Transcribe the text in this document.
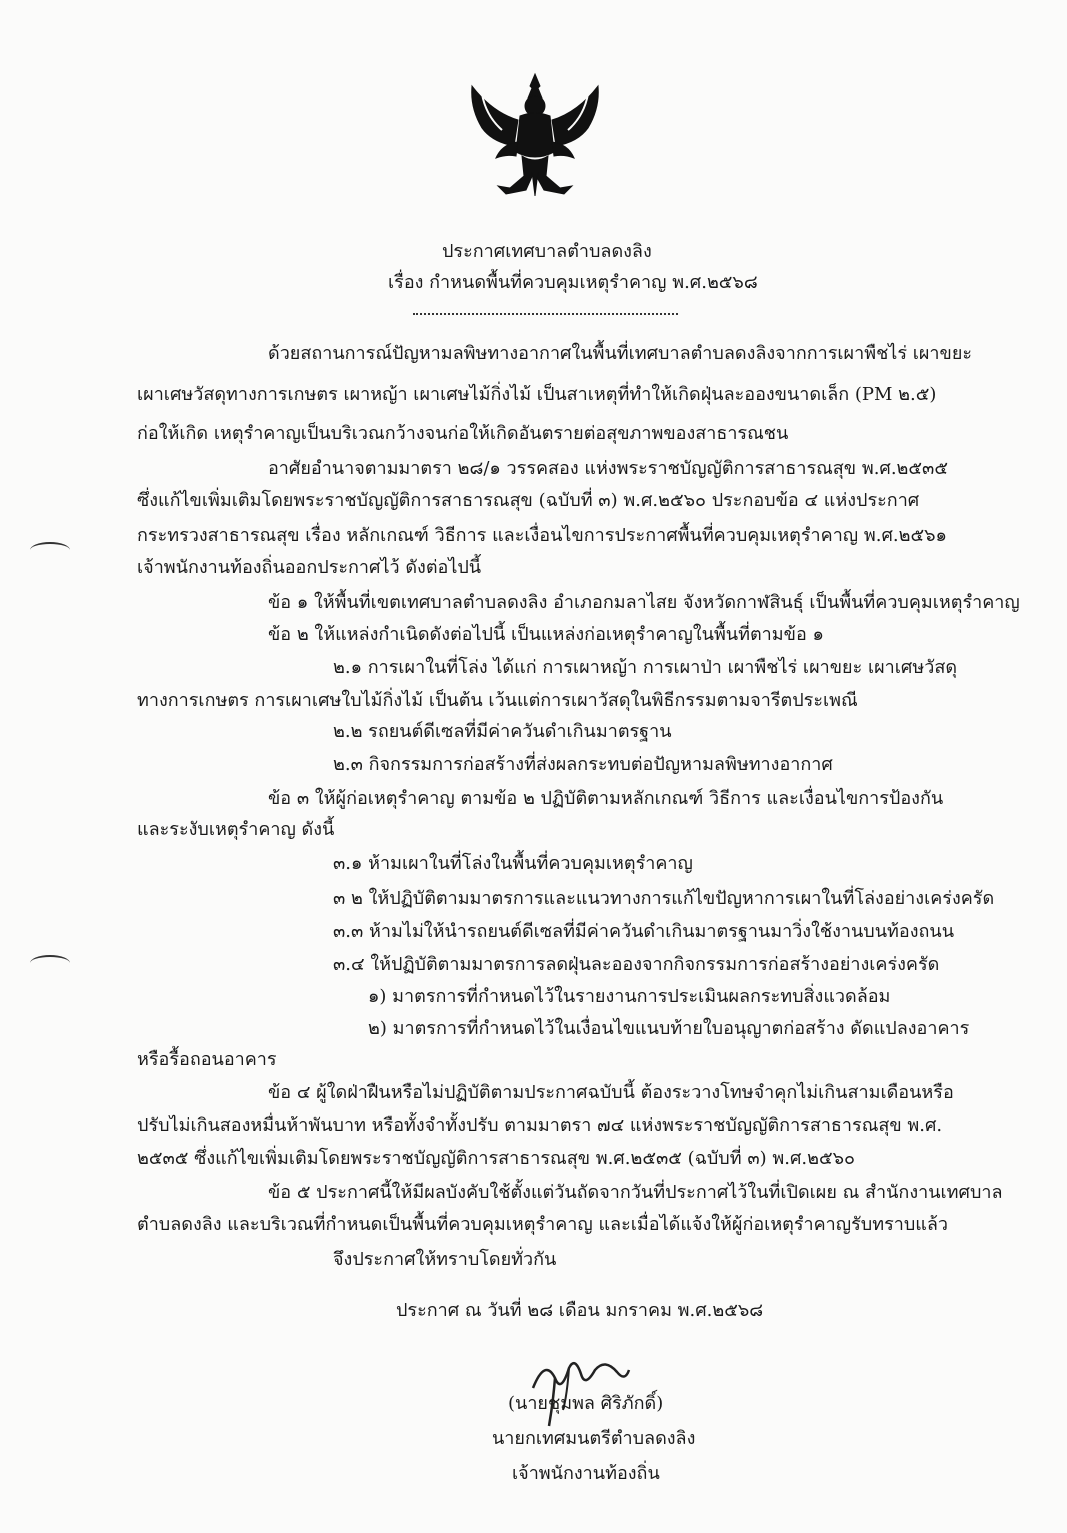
ประกาศเทศบาลตำบลดงลิง
เรื่อง กำหนดพื้นที่ควบคุมเหตุรำคาญ พ.ศ.๒๕๖๘
ด้วยสถานการณ์ปัญหามลพิษทางอากาศในพื้นที่เทศบาลตำบลดงลิงจากการเผาพืชไร่ เผาขยะ
เผาเศษวัสดุทางการเกษตร เผาหญ้า เผาเศษไม้กิ่งไม้ เป็นสาเหตุที่ทำให้เกิดฝุ่นละอองขนาดเล็ก (PM ๒.๕)
ก่อให้เกิด เหตุรำคาญเป็นบริเวณกว้างจนก่อให้เกิดอันตรายต่อสุขภาพของสาธารณชน
อาศัยอำนาจตามมาตรา ๒๘/๑ วรรคสอง แห่งพระราชบัญญัติการสาธารณสุข พ.ศ.๒๕๓๕
ซึ่งแก้ไขเพิ่มเติมโดยพระราชบัญญัติการสาธารณสุข (ฉบับที่ ๓) พ.ศ.๒๕๖๐ ประกอบข้อ ๔ แห่งประกาศ
กระทรวงสาธารณสุข เรื่อง หลักเกณฑ์ วิธีการ และเงื่อนไขการประกาศพื้นที่ควบคุมเหตุรำคาญ พ.ศ.๒๕๖๑
เจ้าพนักงานท้องถิ่นออกประกาศไว้ ดังต่อไปนี้
ข้อ ๑ ให้พื้นที่เขตเทศบาลตำบลดงลิง อำเภอกมลาไสย จังหวัดกาฬสินธุ์ เป็นพื้นที่ควบคุมเหตุรำคาญ
ข้อ ๒ ให้แหล่งกำเนิดดังต่อไปนี้ เป็นแหล่งก่อเหตุรำคาญในพื้นที่ตามข้อ ๑
๒.๑ การเผาในที่โล่ง ได้แก่ การเผาหญ้า การเผาป่า เผาพืชไร่ เผาขยะ เผาเศษวัสดุ
ทางการเกษตร การเผาเศษใบไม้กิ่งไม้ เป็นต้น เว้นแต่การเผาวัสดุในพิธีกรรมตามจารีตประเพณี
๒.๒ รถยนต์ดีเซลที่มีค่าควันดำเกินมาตรฐาน
๒.๓ กิจกรรมการก่อสร้างที่ส่งผลกระทบต่อปัญหามลพิษทางอากาศ
ข้อ ๓ ให้ผู้ก่อเหตุรำคาญ ตามข้อ ๒ ปฏิบัติตามหลักเกณฑ์ วิธีการ และเงื่อนไขการป้องกัน
และระงับเหตุรำคาญ ดังนี้
๓.๑ ห้ามเผาในที่โล่งในพื้นที่ควบคุมเหตุรำคาญ
๓ ๒ ให้ปฏิบัติตามมาตรการและแนวทางการแก้ไขปัญหาการเผาในที่โล่งอย่างเคร่งครัด
๓.๓ ห้ามไม่ให้นำรถยนต์ดีเซลที่มีค่าควันดำเกินมาตรฐานมาวิ่งใช้งานบนท้องถนน
๓.๔ ให้ปฏิบัติตามมาตรการลดฝุ่นละอองจากกิจกรรมการก่อสร้างอย่างเคร่งครัด
๑) มาตรการที่กำหนดไว้ในรายงานการประเมินผลกระทบสิ่งแวดล้อม
๒) มาตรการที่กำหนดไว้ในเงื่อนไขแนบท้ายใบอนุญาตก่อสร้าง ดัดแปลงอาคาร
หรือรื้อถอนอาคาร
ข้อ ๔ ผู้ใดฝ่าฝืนหรือไม่ปฏิบัติตามประกาศฉบับนี้ ต้องระวางโทษจำคุกไม่เกินสามเดือนหรือ
ปรับไม่เกินสองหมื่นห้าพันบาท หรือทั้งจำทั้งปรับ ตามมาตรา ๗๔ แห่งพระราชบัญญัติการสาธารณสุข พ.ศ.
๒๕๓๕ ซึ่งแก้ไขเพิ่มเติมโดยพระราชบัญญัติการสาธารณสุข พ.ศ.๒๕๓๕ (ฉบับที่ ๓) พ.ศ.๒๕๖๐
ข้อ ๕ ประกาศนี้ให้มีผลบังคับใช้ตั้งแต่วันถัดจากวันที่ประกาศไว้ในที่เปิดเผย ณ สำนักงานเทศบาล
ตำบลดงลิง และบริเวณที่กำหนดเป็นพื้นที่ควบคุมเหตุรำคาญ และเมื่อได้แจ้งให้ผู้ก่อเหตุรำคาญรับทราบแล้ว
จึงประกาศให้ทราบโดยทั่วกัน
ประกาศ ณ วันที่ ๒๘ เดือน มกราคม พ.ศ.๒๕๖๘
(นายชุมพล ศิริภักดิ์)
นายกเทศมนตรีตำบลดงลิง
เจ้าพนักงานท้องถิ่น
